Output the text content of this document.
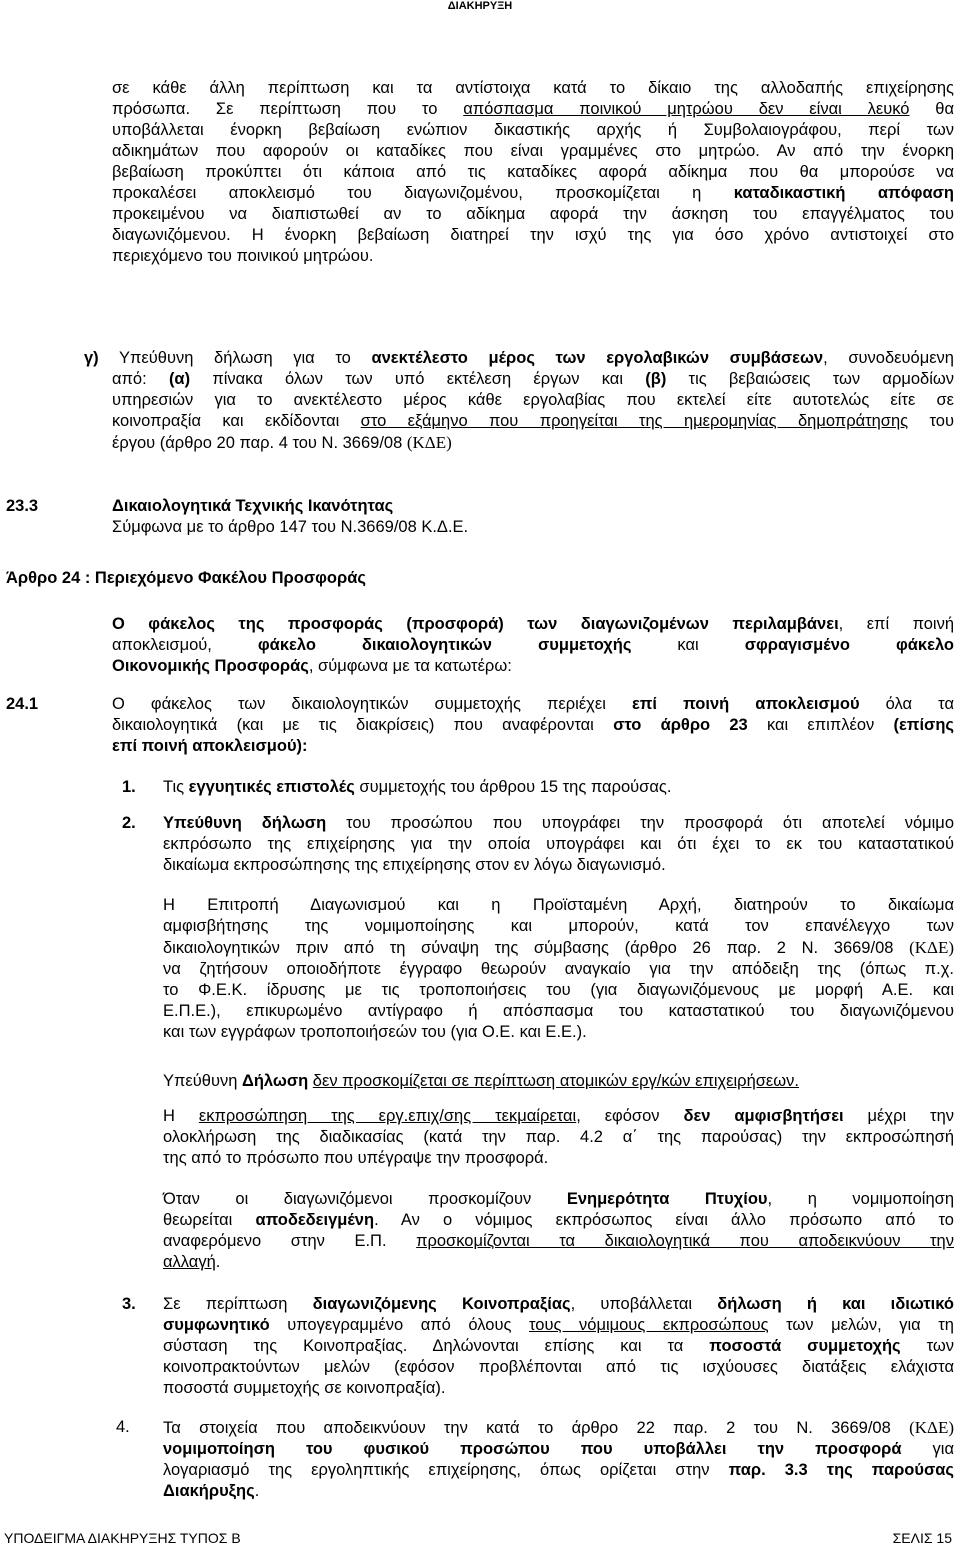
ΔΙΑΚΗΡΥΞΗ
σε κάθε άλλη περίπτωση και τα αντίστοιχα κατά το δίκαιο της αλλοδαπής επιχείρησης
πρόσωπα. Σε περίπτωση που το απόσπασμα ποινικού μητρώου δεν είναι λευκό θα
υποβάλλεται ένορκη βεβαίωση ενώπιον δικαστικής αρχής ή Συμβολαιογράφου, περί των
αδικημάτων που αφορούν οι καταδίκες που είναι γραμμένες στο μητρώο. Αν από την ένορκη
βεβαίωση προκύπτει ότι κάποια από τις καταδίκες αφορά αδίκημα που θα μπορούσε να
προκαλέσει αποκλεισμό του διαγωνιζομένου, προσκομίζεται η καταδικαστική απόφαση
προκειμένου να διαπιστωθεί αν το αδίκημα αφορά την άσκηση του επαγγέλματος του
διαγωνιζόμενου. Η ένορκη βεβαίωση διατηρεί την ισχύ της για όσο χρόνο αντιστοιχεί στο
περιεχόμενο του ποινικού μητρώου.
γ) Υπεύθυνη δήλωση για το ανεκτέλεστο μέρος των εργολαβικών συμβάσεων, συνοδευόμενη
από: (α) πίνακα όλων των υπό εκτέλεση έργων και (β) τις βεβαιώσεις των αρμοδίων
υπηρεσιών για το ανεκτέλεστο μέρος κάθε εργολαβίας που εκτελεί είτε αυτοτελώς είτε σε
κοινοπραξία και εκδίδονται στο εξάμηνο που προηγείται της ημερομηνίας δημοπράτησης του
έργου (άρθρο 20 παρ. 4 του Ν. 3669/08 (ΚΔΕ)
23.3	Δικαιολογητικά Τεχνικής Ικανότητας
Σύμφωνα με το άρθρο 147 του Ν.3669/08 Κ.Δ.Ε.
Άρθρο 24 : Περιεχόμενο Φακέλου Προσφοράς
Ο φάκελος της προσφοράς (προσφορά) των διαγωνιζομένων περιλαμβάνει, επί ποινή
αποκλεισμού, φάκελο δικαιολογητικών συμμετοχής και σφραγισμένο φάκελο
Οικονομικής Προσφοράς, σύμφωνα με τα κατωτέρω:
24.1	Ο φάκελος των δικαιολογητικών συμμετοχής περιέχει επί ποινή αποκλεισμού όλα τα
δικαιολογητικά (και με τις διακρίσεις) που αναφέρονται στο άρθρο 23 και επιπλέον (επίσης
επί ποινή αποκλεισμού):
1. Τις εγγυητικές επιστολές συμμετοχής του άρθρου 15 της παρούσας.
2. Υπεύθυνη δήλωση του προσώπου που υπογράφει την προσφορά ότι αποτελεί νόμιμο
εκπρόσωπο της επιχείρησης για την οποία υπογράφει και ότι έχει το εκ του καταστατικού
δικαίωμα εκπροσώπησης της επιχείρησης στον εν λόγω διαγωνισμό.
Η Επιτροπή Διαγωνισμού και η Προϊσταμένη Αρχή, διατηρούν το δικαίωμα
αμφισβήτησης της νομιμοποίησης και μπορούν, κατά τον επανέλεγχο των
δικαιολογητικών πριν από τη σύναψη της σύμβασης (άρθρο 26 παρ. 2 Ν. 3669/08 (ΚΔΕ)
να ζητήσουν οποιοδήποτε έγγραφο θεωρούν αναγκαίο για την απόδειξη της (όπως π.χ.
το Φ.Ε.Κ. ίδρυσης με τις τροποποιήσεις του (για διαγωνιζόμενους με μορφή Α.Ε. και
Ε.Π.Ε.), επικυρωμένο αντίγραφο ή απόσπασμα του καταστατικού του διαγωνιζόμενου
και των εγγράφων τροποποιήσεών του (για Ο.Ε. και Ε.Ε.).
Υπεύθυνη Δήλωση δεν προσκομίζεται σε περίπτωση ατομικών εργ/κών επιχειρήσεων.
Η εκπροσώπηση της εργ.επιχ/σης τεκμαίρεται, εφόσον δεν αμφισβητήσει μέχρι την
ολοκλήρωση της διαδικασίας (κατά την παρ. 4.2 α΄ της παρούσας) την εκπροσώπησή
της από το πρόσωπο που υπέγραψε την προσφορά.
Όταν οι διαγωνιζόμενοι προσκομίζουν Ενημερότητα Πτυχίου, η νομιμοποίηση
θεωρείται αποδεδειγμένη. Αν ο νόμιμος εκπρόσωπος είναι άλλο πρόσωπο από το
αναφερόμενο στην Ε.Π. προσκομίζονται τα δικαιολογητικά που αποδεικνύουν την
αλλαγή.
3. Σε περίπτωση διαγωνιζόμενης Κοινοπραξίας, υποβάλλεται δήλωση ή και ιδιωτικό
συμφωνητικό υπογεγραμμένο από όλους τους νόμιμους εκπροσώπους των μελών, για τη
σύσταση της Κοινοπραξίας. Δηλώνονται επίσης και τα ποσοστά συμμετοχής των
κοινοπρακτούντων μελών (εφόσον προβλέπονται από τις ισχύουσες διατάξεις ελάχιστα
ποσοστά συμμετοχής σε κοινοπραξία).
4. Τα στοιχεία που αποδεικνύουν την κατά το άρθρο 22 παρ. 2 του Ν. 3669/08 (ΚΔΕ)
νομιμοποίηση του φυσικού προσώπου που υποβάλλει την προσφορά για
λογαριασμό της εργοληπτικής επιχείρησης, όπως ορίζεται στην παρ. 3.3 της παρούσας
Διακήρυξης.
ΥΠΟΔΕΙΓΜΑ ΔΙΑΚΗΡΥΞΗΣ ΤΥΠΟΣ Β	ΣΕΛΙΣ 15
